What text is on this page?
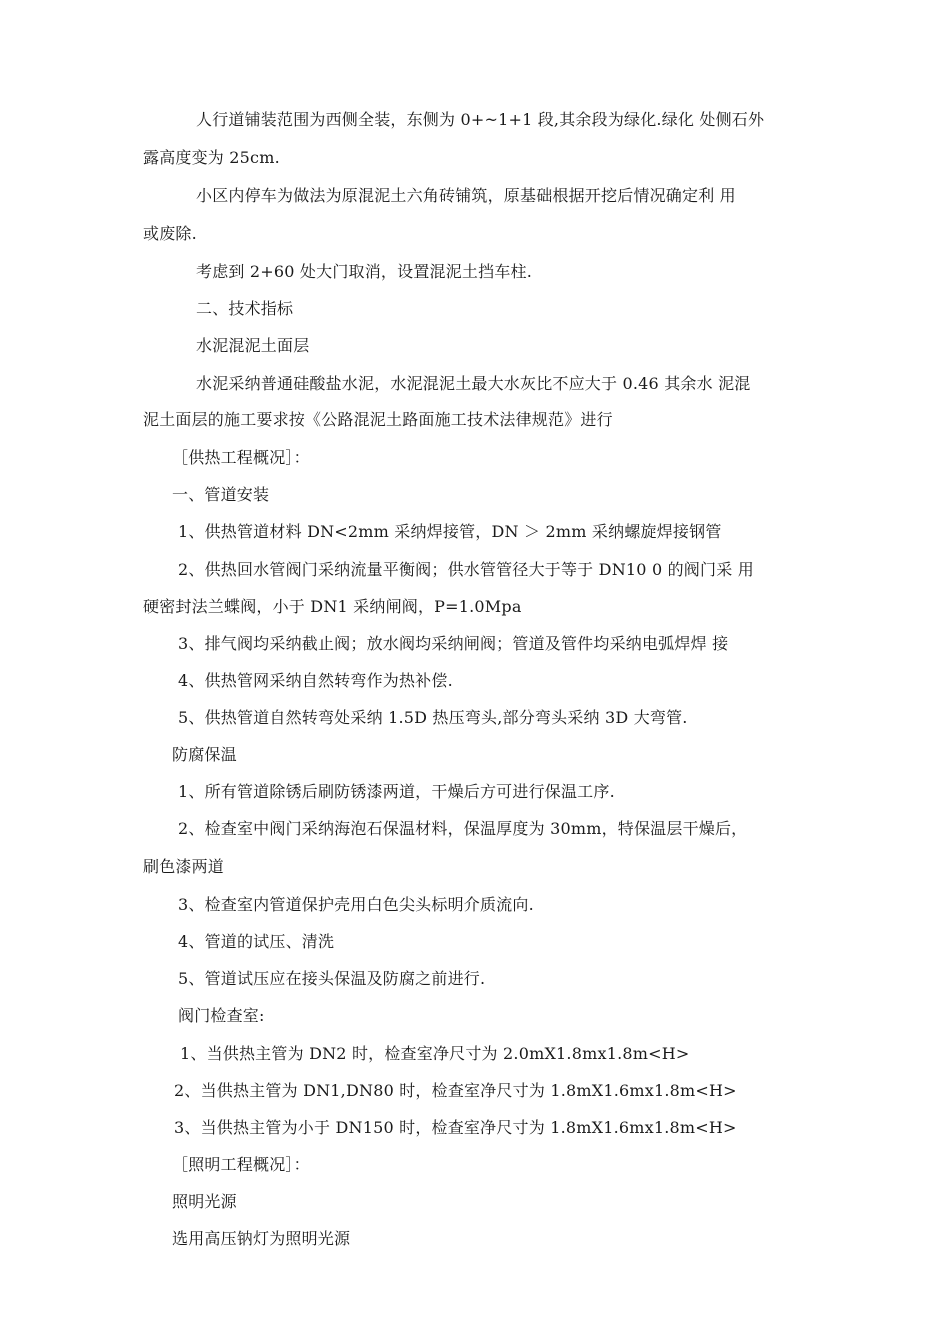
人行道铺装范围为西侧全装，东侧为 0+~1+1 段,其余段为绿化.绿化 处侧石外
露高度变为 25cm.
小区内停车为做法为原混泥土六角砖铺筑，原基础根据开挖后情况确定利 用
或废除.
考虑到 2+60 处大门取消，设置混泥土挡车柱.
二、技术指标
水泥混泥土面层
水泥采纳普通硅酸盐水泥，水泥混泥土最大水灰比不应大于 0.46 其余水 泥混
泥土面层的施工要求按《公路混泥土路面施工技术法律规范》进行
［供热工程概况］：
一、管道安装
1、供热管道材料 DN<2mm 采纳焊接管，DN ＞ 2mm 采纳螺旋焊接钢管
2、供热回水管阀门采纳流量平衡阀；供水管管径大于等于 DN10 0 的阀门采 用
硬密封法兰蝶阀，小于 DN1 采纳闸阀，P=1.0Mpa
3、排气阀均采纳截止阀；放水阀均采纳闸阀；管道及管件均采纳电弧焊焊 接
4、供热管网采纳自然转弯作为热补偿.
5、供热管道自然转弯处采纳 1.5D 热压弯头,部分弯头采纳 3D 大弯管.
防腐保温
1、所有管道除锈后刷防锈漆两道，干燥后方可进行保温工序.
2、检查室中阀门采纳海泡石保温材料，保温厚度为 30mm，特保温层干燥后，
刷色漆两道
3、检查室内管道保护壳用白色尖头标明介质流向.
4、管道的试压、清洗
5、管道试压应在接头保温及防腐之前进行.
阀门检查室:
1、当供热主管为 DN2 时，检查室净尺寸为 2.0mX1.8mx1.8m<H>
2、当供热主管为 DN1,DN80 时，检查室净尺寸为 1.8mX1.6mx1.8m<H>
3、当供热主管为小于 DN150 时，检查室净尺寸为 1.8mX1.6mx1.8m<H>
［照明工程概况］：
照明光源
选用高压钠灯为照明光源
